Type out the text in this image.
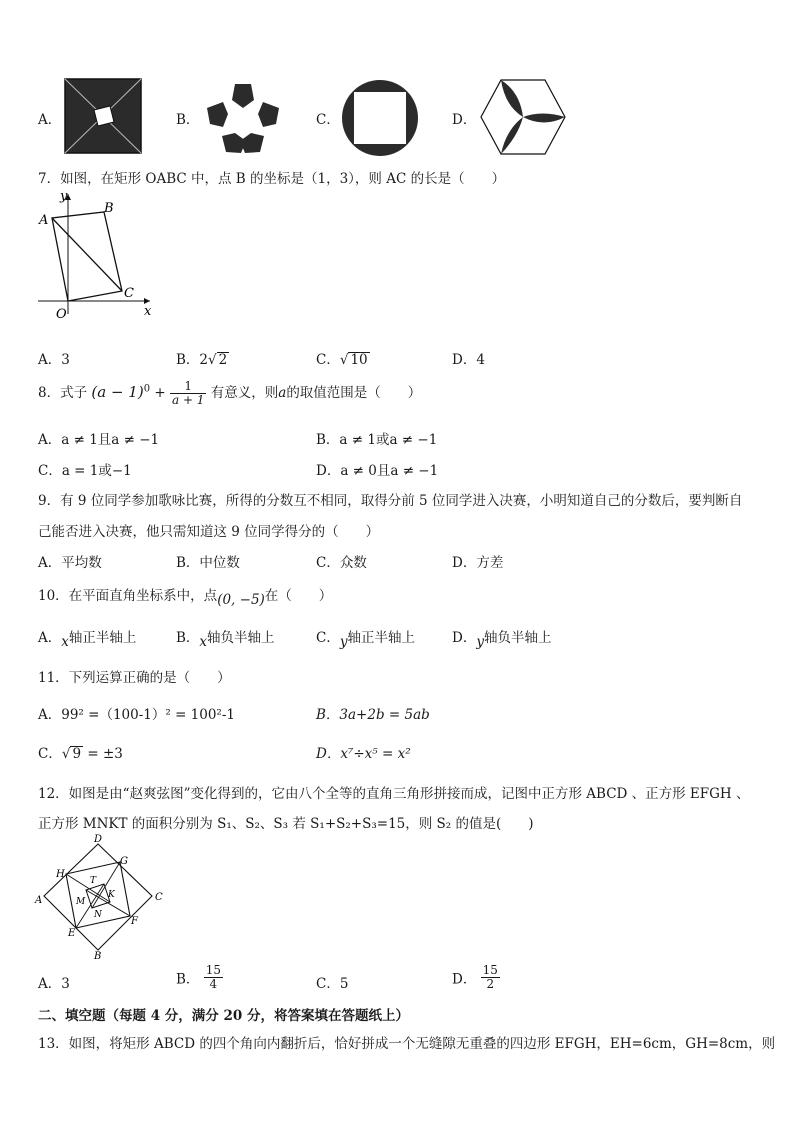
A．	B．	C．	D．
7．如图，在矩形 OABC 中，点 B 的坐标是（1，3），则 AC 的长是（　　）
A
B
C
O	x
y
A．3	B．2√ 2	C．√ 10	D．4
8．式子 $(a - 1)^0 + \frac{1}{a + 1}$ 有意义，则a的取值范围是（　　）
A．a ≠ 1且a ≠ −1	B．a ≠ 1或a ≠ −1
C．a = 1或−1	D．a ≠ 0且a ≠ −1
9．有 9 位同学参加歌咏比赛，所得的分数互不相同，取得分前 5 位同学进入决赛，小明知道自己的分数后，要判断自
己能否进入决赛，他只需知道这 9 位同学得分的（　　）
A．平均数	B．中位数	C．众数	D．方差
10．在平面直角坐标系中，点(0, −5)在（　　）
A．x轴正半轴上	B．x轴负半轴上	C．y轴正半轴上	D．y轴负半轴上
11．下列运算正确的是（　　）
A．99² =（100-1）² = 100²-1	B．3a+2b = 5ab
C．√ 9 = ±3	D．x⁷÷x⁵ = x²
12．如图是由“赵爽弦图”变化得到的，它由八个全等的直角三角形拼接而成，记图中正方形 ABCD 、正方形 EFGH 、
正方形 MNKT 的面积分别为 S₁、S₂、S₃ 若 S₁+S₂+S₃=15，则 S₂ 的值是(　　)
D
C
B
A
H
G
F
E
T
K
M
N
A．3	B． $\frac{15}{4}$	C．5	D． $\frac{15}{2}$
二、填空题（每题 4 分，满分 20 分，将答案填在答题纸上）
13．如图，将矩形 ABCD 的四个角向内翻折后，恰好拼成一个无缝隙无重叠的四边形 EFGH，EH=6cm，GH=8cm，则
